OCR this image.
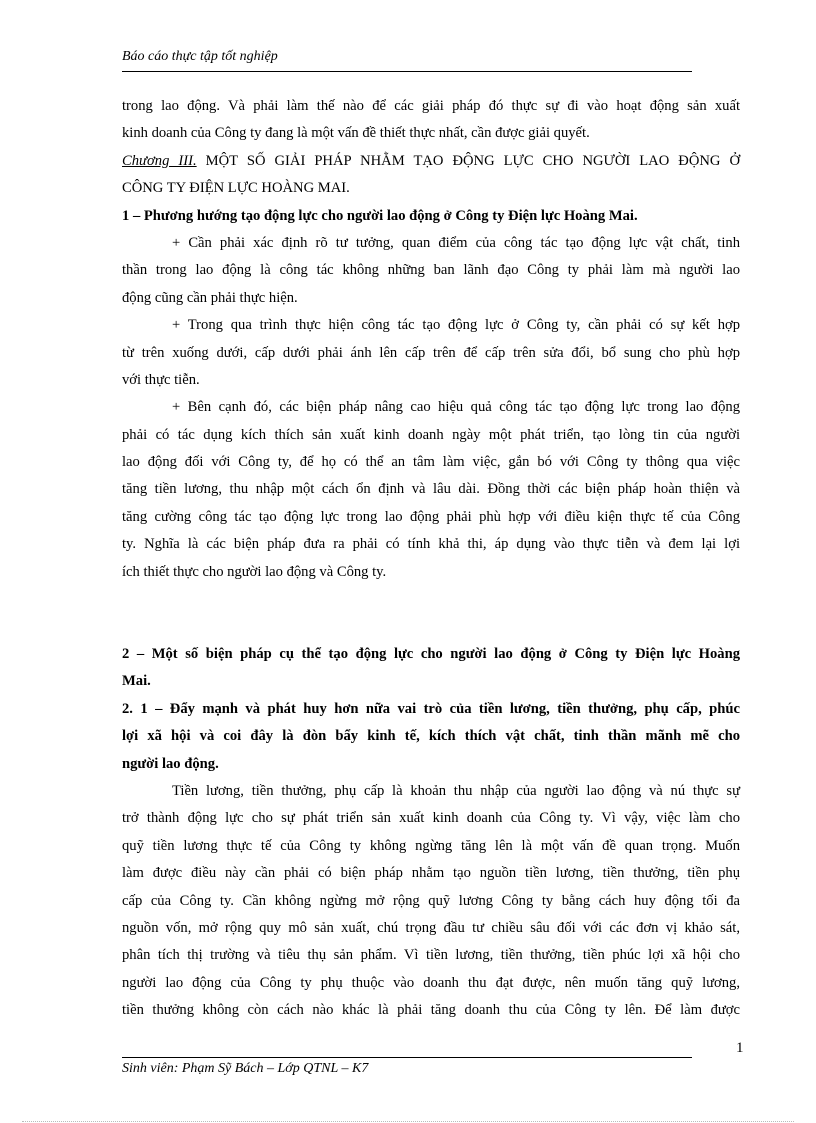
Báo cáo thực tập tốt nghiệp
trong lao động. Và phải làm thế nào để các giải pháp đó thực sự đi vào hoạt động sản xuất
kinh doanh của Công ty đang là một vấn đề thiết thực nhất, cần được giải quyết.
Chương III. MỘT SỐ GIẢI PHÁP NHẰM TẠO ĐỘNG LỰC CHO NGƯỜI LAO ĐỘNG Ở
CÔNG TY ĐIỆN LỰC HOÀNG MAI.
1 – Phương hướng tạo động lực cho người lao động ở Công ty Điện lực Hoàng Mai.
+ Cần phải xác định rõ tư tưởng, quan điểm của công tác tạo động lực vật chất, tinh
thần trong lao động là công tác không những ban lãnh đạo Công ty phải làm mà người lao
động cũng cần phải thực hiện.
+ Trong qua trình thực hiện công tác tạo động lực ở Công ty, cần phải có sự kết hợp
từ trên xuống dưới, cấp dưới phải ánh lên cấp trên để cấp trên sửa đổi, bổ sung cho phù hợp
với thực tiễn.
+ Bên cạnh đó, các biện pháp nâng cao hiệu quả công tác tạo động lực trong lao động
phải có tác dụng kích thích sản xuất kinh doanh ngày một phát triển, tạo lòng tin của người
lao động đối với Công ty, để họ có thể an tâm làm việc, gắn bó với Công ty thông qua việc
tăng tiền lương, thu nhập một cách ổn định và lâu dài. Đồng thời các biện pháp hoàn thiện và
tăng cường công tác tạo động lực trong lao động phải phù hợp với điều kiện thực tế của Công
ty. Nghĩa là các biện pháp đưa ra phải có tính khả thi, áp dụng vào thực tiễn và đem lại lợi
ích thiết thực cho người lao động và Công ty.
2 – Một số biện pháp cụ thể tạo động lực cho người lao động ở Công ty Điện lực Hoàng
Mai.
2. 1 – Đẩy mạnh và phát huy hơn nữa vai trò của tiền lương, tiền thưởng, phụ cấp, phúc
lợi xã hội và coi đây là đòn bẩy kinh tế, kích thích vật chất, tinh thần mãnh mẽ cho
người lao động.
Tiền lương, tiền thưởng, phụ cấp là khoản thu nhập của người lao động và nú thực sự
trở thành động lực cho sự phát triển sản xuất kinh doanh của Công ty. Vì vậy, việc làm cho
quỹ tiền lương thực tế của Công ty không ngừng tăng lên là một vấn đề quan trọng. Muốn
làm được điều này cần phải có biện pháp nhằm tạo nguồn tiền lương, tiền thưởng, tiền phụ
cấp của Công ty. Cần không ngừng mở rộng quỹ lương Công ty bằng cách huy động tối đa
nguồn vốn, mở rộng quy mô sản xuất, chú trọng đầu tư chiều sâu đối với các đơn vị khảo sát,
phân tích thị trường và tiêu thụ sản phẩm. Vì tiền lương, tiền thưởng, tiền phúc lợi xã hội cho
người lao động của Công ty phụ thuộc vào doanh thu đạt được, nên muốn tăng quỹ lương,
tiền thưởng không còn cách nào khác là phải tăng doanh thu của Công ty lên. Để làm được
1
Sinh viên: Phạm Sỹ Bách – Lớp QTNL – K7
